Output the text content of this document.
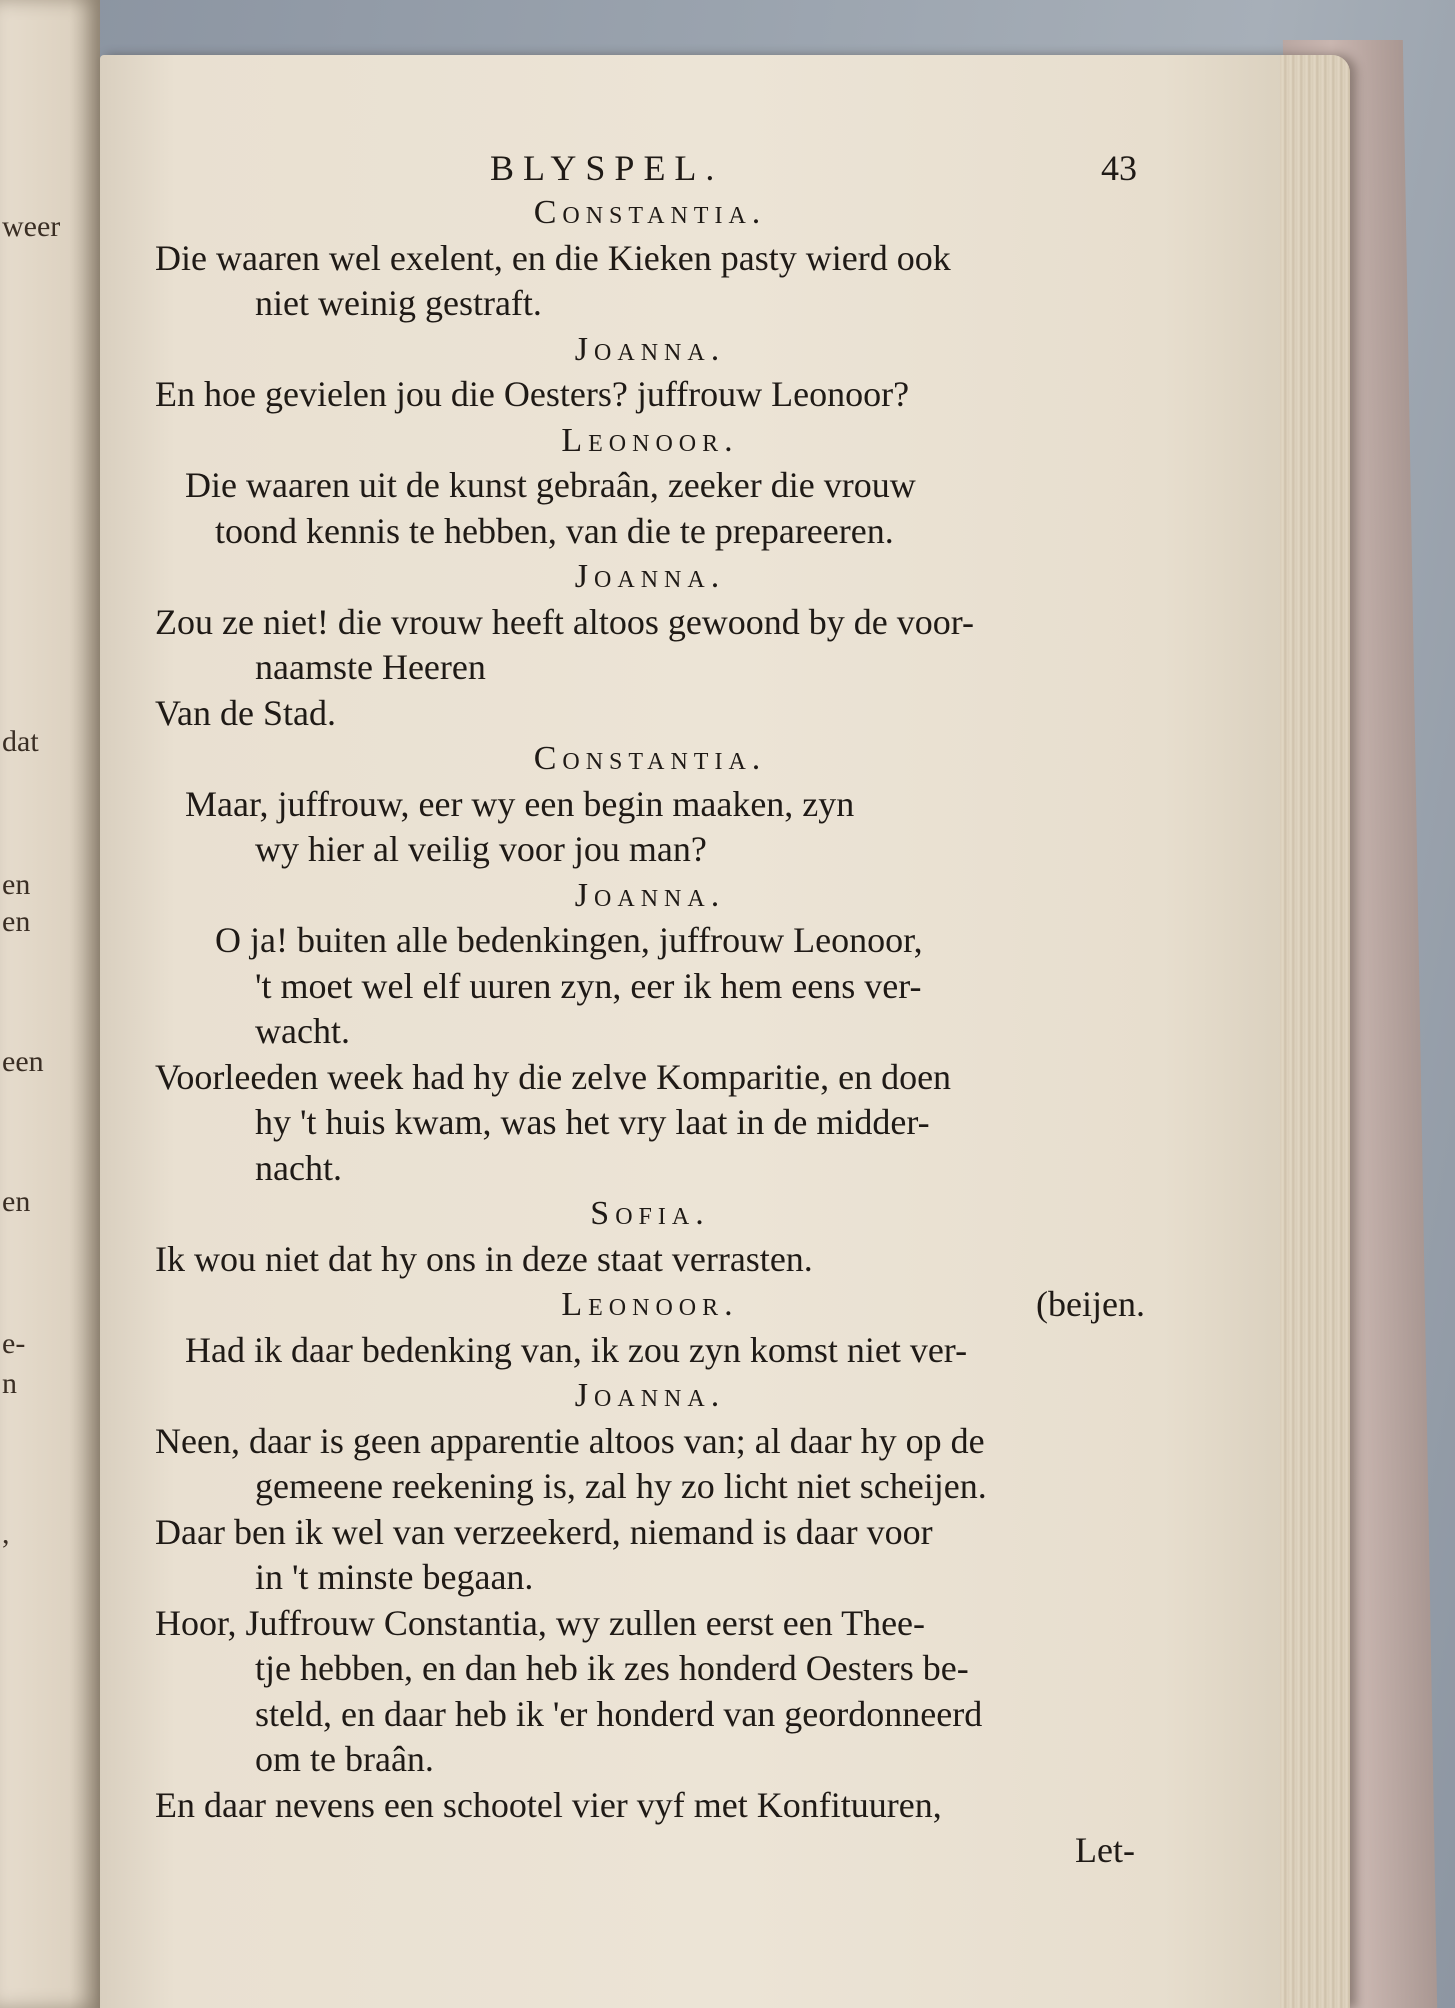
weer
dat
en
en
een
en
e-
n
,
BLYSPEL.	43
Constantia.
Die waaren wel exelent, en die Kieken pasty wierd ook
niet weinig gestraft.
Joanna.
En hoe gevielen jou die Oesters? juffrouw Leonoor?
Leonoor.
Die waaren uit de kunst gebraân, zeeker die vrouw
toond kennis te hebben, van die te prepareeren.
Joanna.
Zou ze niet! die vrouw heeft altoos gewoond by de voor-
naamste Heeren
Van de Stad.
Constantia.
Maar, juffrouw, eer wy een begin maaken, zyn
wy hier al veilig voor jou man?
Joanna.
O ja! buiten alle bedenkingen, juffrouw Leonoor,
't moet wel elf uuren zyn, eer ik hem eens ver-
wacht.
Voorleeden week had hy die zelve Komparitie, en doen
hy 't huis kwam, was het vry laat in de midder-
nacht.
Sofia.
Ik wou niet dat hy ons in deze staat verrasten.
Leonoor.	(beijen.
Had ik daar bedenking van, ik zou zyn komst niet ver-
Joanna.
Neen, daar is geen apparentie altoos van; al daar hy op de
gemeene reekening is, zal hy zo licht niet scheijen.
Daar ben ik wel van verzeekerd, niemand is daar voor
in 't minste begaan.
Hoor, Juffrouw Constantia, wy zullen eerst een Thee-
tje hebben, en dan heb ik zes honderd Oesters be-
steld, en daar heb ik 'er honderd van geordonneerd
om te braân.
En daar nevens een schootel vier vyf met Konfituuren,
Let-
